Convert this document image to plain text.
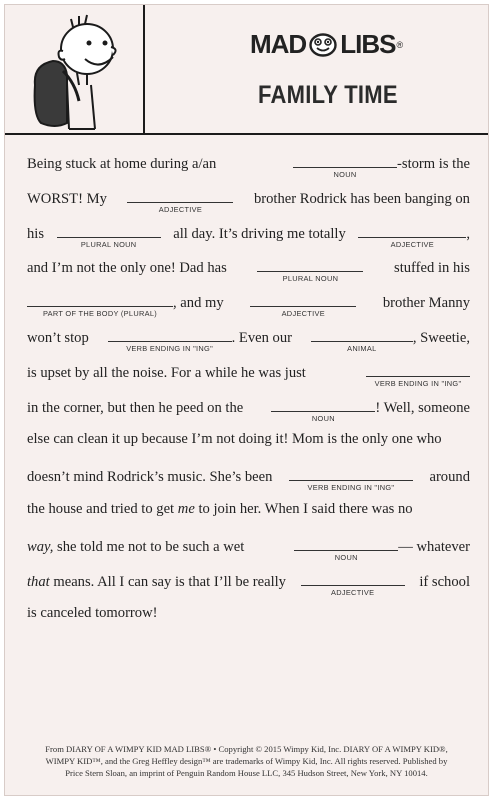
MAD LIBS ®
FAMILY TIME
Being stuck at home during a/an
NOUN
-storm is the
WORST! My
ADJECTIVE
brother Rodrick has been banging on
his
PLURAL NOUN
all day. It’s driving me totally
ADJECTIVE
,
and I’m not the only one! Dad has
PLURAL NOUN
stuffed in his
PART OF THE BODY (PLURAL)
, and my
ADJECTIVE
brother Manny
won’t stop
VERB ENDING IN "ING"
. Even our
ANIMAL
, Sweetie,
is upset by all the noise. For a while he was just
VERB ENDING IN "ING"
in the corner, but then he peed on the
NOUN
! Well, someone
else can clean it up because I’m not doing it! Mom is the only one who
doesn’t mind Rodrick’s music. She’s been
VERB ENDING IN "ING"
around
the house and tried to get me to join her. When I said there was no
way, she told me not to be such a wet
NOUN
— whatever
that means. All I can say is that I’ll be really
ADJECTIVE
if school
is canceled tomorrow!
From DIARY OF A WIMPY KID MAD LIBS® • Copyright © 2015 Wimpy Kid, Inc. DIARY OF A WIMPY KID®,
WIMPY KID™, and the Greg Heffley design™ are trademarks of Wimpy Kid, Inc. All rights reserved. Published by
Price Stern Sloan, an imprint of Penguin Random House LLC, 345 Hudson Street, New York, NY 10014.
